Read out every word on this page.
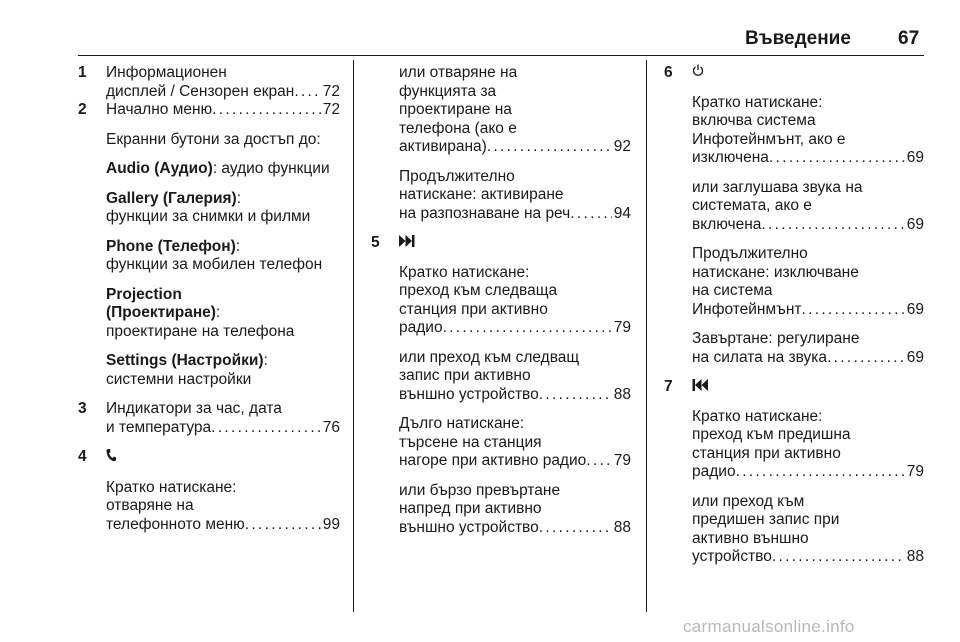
Въведение 67
1	Информационен
дисплей / Сензорен екран . . . 72
2	Начално меню . . .	72
Екранни бутони за достъп до:
Audio (Аудио): аудио функции
Gallery (Галерия):
функции за снимки и филми
Phone (Телефон):
функции за мобилен телефон
Projection
(Проектиране):
проектиране на телефона
Settings (Настройки):
системни настройки
3	Индикатори за час, дата
и температура . . .	76
4
Кратко натискане:
отваряне на
телефонното меню . . .	99
или отваряне на
функцията за
проектиране на
телефона (ако е
активирана) . . .	92
Продължително
натискане: активиране
на разпознаване на реч . . .	94
5
Кратко натискане:
преход към следваща
станция при активно
радио . . .	79
или преход към следващ
запис при активно
външно устройство . . .	88
Дълго натискане:
търсене на станция
нагоре при активно радио . . . 79
или бързо превъртане
напред при активно
външно устройство . . .	88
6
Кратко натискане:
включва система
Инфотейнмънт, ако е
изключена . . .	69
или заглушава звука на
системата, ако е
включена . . .	69
Продължително
натискане: изключване
на система
Инфотейнмънт . . .	69
Завъртане: регулиране
на силата на звука . . .	69
7
Кратко натискане:
преход към предишна
станция при активно
радио . . .	79
или преход към
предишен запис при
активно външно
устройство . . .	88
carmanualsonline.info
